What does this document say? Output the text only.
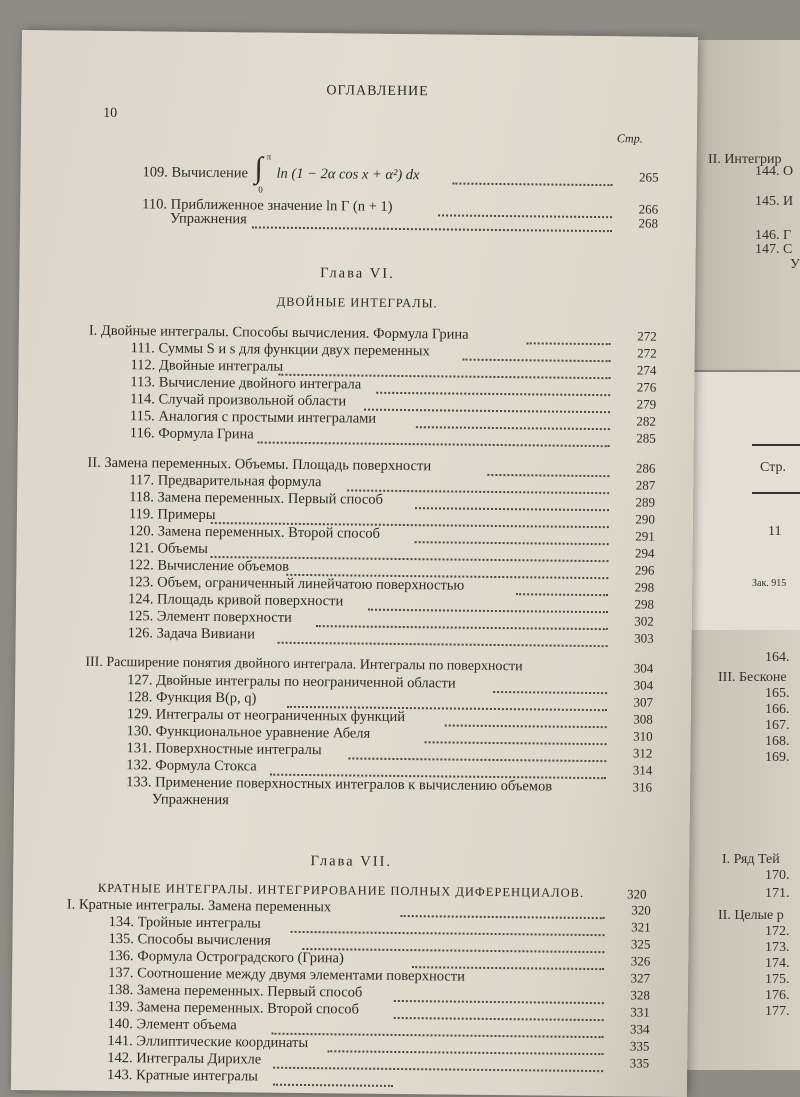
II. Интегрир
144. О
145. И
146. Г
147. С
У
Стр.
11
Зак. 915
164.
III. Бесконе
165.
166.
167.
168.
169.
I. Ряд Тей
170.
171.
II. Целые р
172.
173.
174.
175.
176.
177.
ОГЛАВЛЕНИЕ
10
Стр.
109. Вычисление ∫ π
0
ln (1 − 2α cos x + α²) dx	265
110. Приближенное значение ln Γ (n + 1)	266
Упражнения	268
Глава VI.
ДВОЙНЫЕ ИНТЕГРАЛЫ.
I. Двойные интегралы. Способы вычисления. Формула Грина	272
111. Суммы S и s для функции двух переменных	272
112. Двойные интегралы	274
113. Вычисление двойного интеграла	276
114. Случай произвольной области	279
115. Аналогия с простыми интегралами	282
116. Формула Грина	285
II. Замена переменных. Объемы. Площадь поверхности	286
117. Предварительная формула	287
118. Замена переменных. Первый способ	289
119. Примеры	290
120. Замена переменных. Второй способ	291
121. Объемы	294
122. Вычисление объемов	296
123. Объем, ограниченный линейчатою поверхностью	298
124. Площадь кривой поверхности	298
125. Элемент поверхности	302
126. Задача Вивиани	303
III. Расширение понятия двойного интеграла. Интегралы по поверхности	304
127. Двойные интегралы по неограниченной области	304
128. Функция B(p, q)	307
129. Интегралы от неограниченных функций	308
130. Функциональное уравнение Абеля	310
131. Поверхностные интегралы	312
132. Формула Стокса	314
133. Применение поверхностных интегралов к вычислению объемов	316
Упражнения
Глава VII.
КРАТНЫЕ ИНТЕГРАЛЫ. ИНТЕГРИРОВАНИЕ ПОЛНЫХ ДИФЕРЕНЦИАЛОВ.	320
I. Кратные интегралы. Замена переменных	320
134. Тройные интегралы	321
135. Способы вычисления	325
136. Формула Остроградского (Грина)	326
137. Соотношение между двумя элементами поверхности	327
138. Замена переменных. Первый способ	328
139. Замена переменных. Второй способ	331
140. Элемент объема	334
141. Эллиптические координаты	335
142. Интегралы Дирихле	335
143. Кратные интегралы
